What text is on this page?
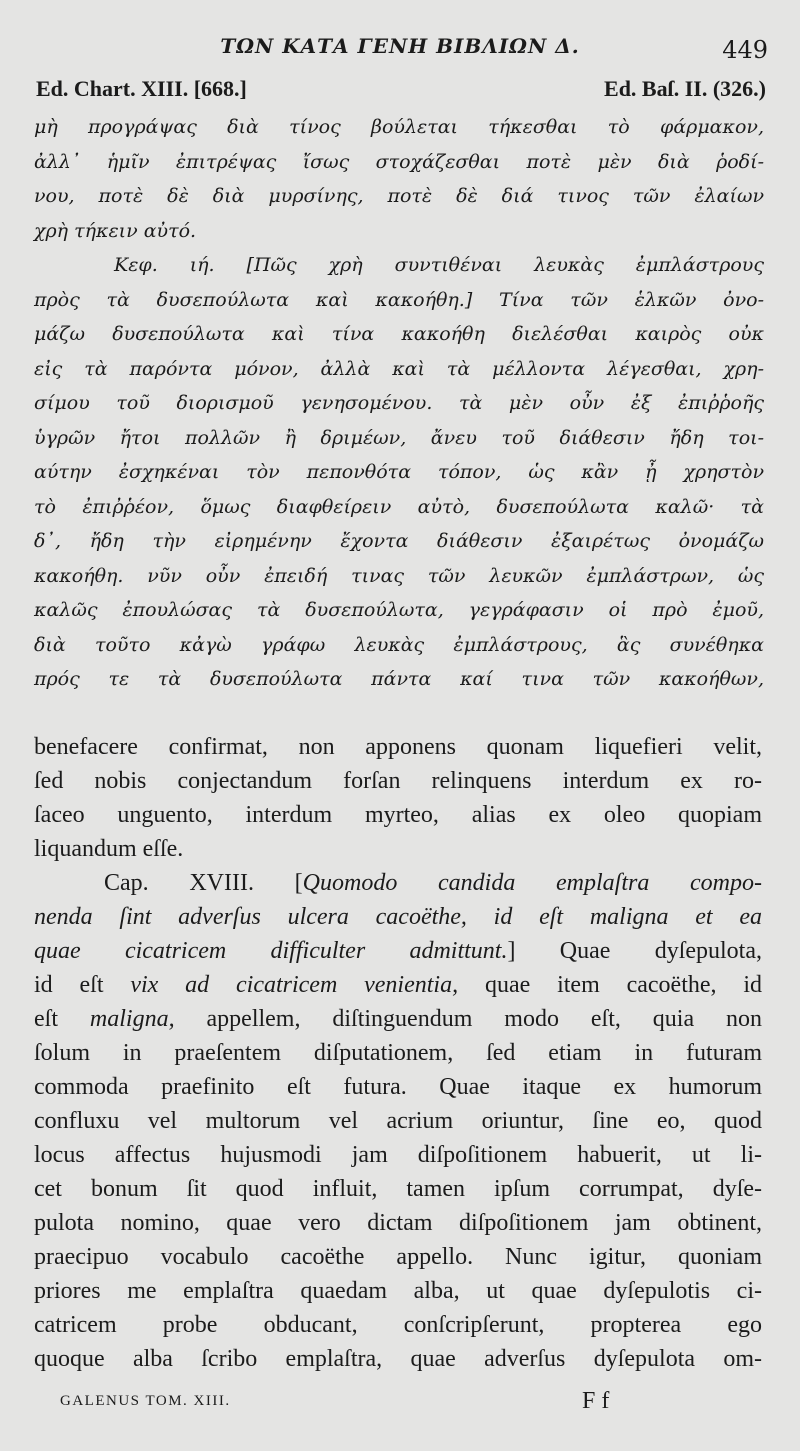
ΤΩΝ ΚΑΤΑ ΓΕΝΗ ΒΙΒΛΙΩΝ Δ.	449
Ed. Chart. XIII. [668.]	Ed. Baſ. II. (326.)
μὴ προγράψας διὰ τίνος βούλεται τήκεσθαι τὸ φάρμακον,
ἀλλ᾽ ἡμῖν ἐπιτρέψας ἴσως στοχάζεσθαι ποτὲ μὲν διὰ ῥοδί-
νου, ποτὲ δὲ διὰ μυρσίνης, ποτὲ δὲ διά τινος τῶν ἐλαίων
χρὴ τήκειν αὐτό.
Κεφ. ιή. [Πῶς χρὴ συντιθέναι λευκὰς ἐμπλάστρους
πρὸς τὰ δυσεπούλωτα καὶ κακοήθη.] Τίνα τῶν ἑλκῶν ὀνο-
μάζω δυσεπούλωτα καὶ τίνα κακοήθη διελέσθαι καιρὸς οὐκ
εἰς τὰ παρόντα μόνον, ἀλλὰ καὶ τὰ μέλλοντα λέγεσθαι, χρη-
σίμου τοῦ διορισμοῦ γενησομένου. τὰ μὲν οὖν ἐξ ἐπιῤῥοῆς
ὑγρῶν ἤτοι πολλῶν ἢ δριμέων, ἄνευ τοῦ διάθεσιν ἤδη τοι-
αύτην ἐσχηκέναι τὸν πεπονθότα τόπον, ὡς κἂν ᾖ χρηστὸν
τὸ ἐπιῤῥέον, ὅμως διαφθείρειν αὐτὸ, δυσεπούλωτα καλῶ· τὰ
δ᾽, ἤδη τὴν εἰρημένην ἔχοντα διάθεσιν ἐξαιρέτως ὀνομάζω
κακοήθη. νῦν οὖν ἐπειδή τινας τῶν λευκῶν ἐμπλάστρων, ὡς
καλῶς ἐπουλώσας τὰ δυσεπούλωτα, γεγράφασιν οἱ πρὸ ἐμοῦ,
διὰ τοῦτο κἀγὼ γράφω λευκὰς ἐμπλάστρους, ἃς συνέθηκα
πρός τε τὰ δυσεπούλωτα πάντα καί τινα τῶν κακοήθων,
benefacere confirmat, non apponens quonam liquefieri velit,
ſed nobis conjectandum forſan relinquens interdum ex ro-
ſaceo unguento, interdum myrteo, alias ex oleo quopiam
liquandum eſſe.
Cap. XVIII. [Quomodo candida emplaſtra compo-
nenda ſint adverſus ulcera cacoëthe, id eſt maligna et ea
quae cicatricem difficulter admittunt.] Quae dyſepulota,
id eſt vix ad cicatricem venientia, quae item cacoëthe, id
eſt maligna, appellem, diſtinguendum modo eſt, quia non
ſolum in praeſentem diſputationem, ſed etiam in futuram
commoda praefinito eſt futura. Quae itaque ex humorum
confluxu vel multorum vel acrium oriuntur, ſine eo, quod
locus affectus hujusmodi jam diſpoſitionem habuerit, ut li-
cet bonum ſit quod influit, tamen ipſum corrumpat, dyſe-
pulota nomino, quae vero dictam diſpoſitionem jam obtinent,
praecipuo vocabulo cacoëthe appello. Nunc igitur, quoniam
priores me emplaſtra quaedam alba, ut quae dyſepulotis ci-
catricem probe obducant, conſcripſerunt, propterea ego
quoque alba ſcribo emplaſtra, quae adverſus dyſepulota om-
GALENUS TOM. XIII.	F f
